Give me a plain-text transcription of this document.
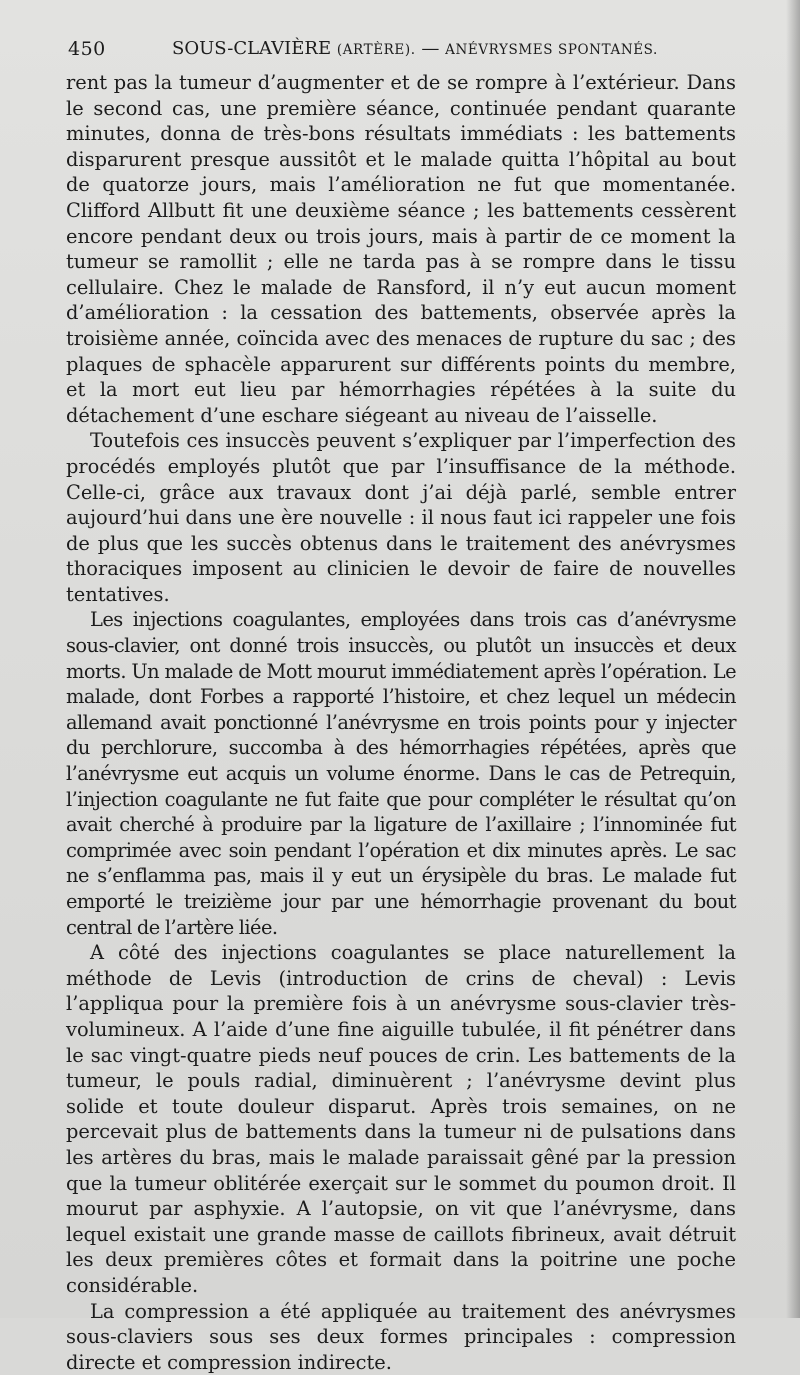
450	SOUS-CLAVIÈRE (ARTÈRE). — ANÉVRYSMES SPONTANÉS.

rent pas la tumeur d’augmenter et de se rompre à l’extérieur. Dans le second cas, une première séance, continuée pendant quarante minutes, donna de très-bons résultats immédiats : les battements disparurent presque aussitôt et le malade quitta l’hôpital au bout de quatorze jours, mais l’amélioration ne fut que momentanée. Clifford Allbutt fit une deuxième séance ; les battements cessèrent encore pendant deux ou trois jours, mais à partir de ce moment la tumeur se ramollit ; elle ne tarda pas à se rompre dans le tissu cellulaire. Chez le malade de Ransford, il n’y eut aucun moment d’amélioration : la cessation des battements, observée après la troisième année, coïncida avec des menaces de rupture du sac ; des plaques de sphacèle apparurent sur différents points du membre, et la mort eut lieu par hémorrhagies répétées à la suite du détachement d’une eschare siégeant au niveau de l’aisselle.

Toutefois ces insuccès peuvent s’expliquer par l’imperfection des procédés employés plutôt que par l’insuffisance de la méthode. Celle-ci, grâce aux travaux dont j’ai déjà parlé, semble entrer aujourd’hui dans une ère nouvelle : il nous faut ici rappeler une fois de plus que les succès obtenus dans le traitement des anévrysmes thoraciques imposent au clinicien le devoir de faire de nouvelles tentatives.

Les injections coagulantes, employées dans trois cas d’anévrysme sous-clavier, ont donné trois insuccès, ou plutôt un insuccès et deux morts. Un malade de Mott mourut immédiatement après l’opération. Le malade, dont Forbes a rapporté l’histoire, et chez lequel un médecin allemand avait ponctionné l’anévrysme en trois points pour y injecter du perchlorure, succomba à des hémorrhagies répétées, après que l’anévrysme eut acquis un volume énorme. Dans le cas de Petrequin, l’injection coagulante ne fut faite que pour compléter le résultat qu’on avait cherché à produire par la ligature de l’axillaire ; l’innominée fut comprimée avec soin pendant l’opération et dix minutes après. Le sac ne s’enflamma pas, mais il y eut un érysipèle du bras. Le malade fut emporté le treizième jour par une hémorrhagie provenant du bout central de l’artère liée.

A côté des injections coagulantes se place naturellement la méthode de Levis (introduction de crins de cheval) : Levis l’appliqua pour la première fois à un anévrysme sous-clavier très-volumineux. A l’aide d’une fine aiguille tubulée, il fit pénétrer dans le sac vingt-quatre pieds neuf pouces de crin. Les battements de la tumeur, le pouls radial, diminuèrent ; l’anévrysme devint plus solide et toute douleur disparut. Après trois semaines, on ne percevait plus de battements dans la tumeur ni de pulsations dans les artères du bras, mais le malade paraissait gêné par la pression que la tumeur oblitérée exerçait sur le sommet du poumon droit. Il mourut par asphyxie. A l’autopsie, on vit que l’anévrysme, dans lequel existait une grande masse de caillots fibrineux, avait détruit les deux premières côtes et formait dans la poitrine une poche considérable.

La compression a été appliquée au traitement des anévrysmes sous-claviers sous ses deux formes principales : compression directe et compression indirecte.
